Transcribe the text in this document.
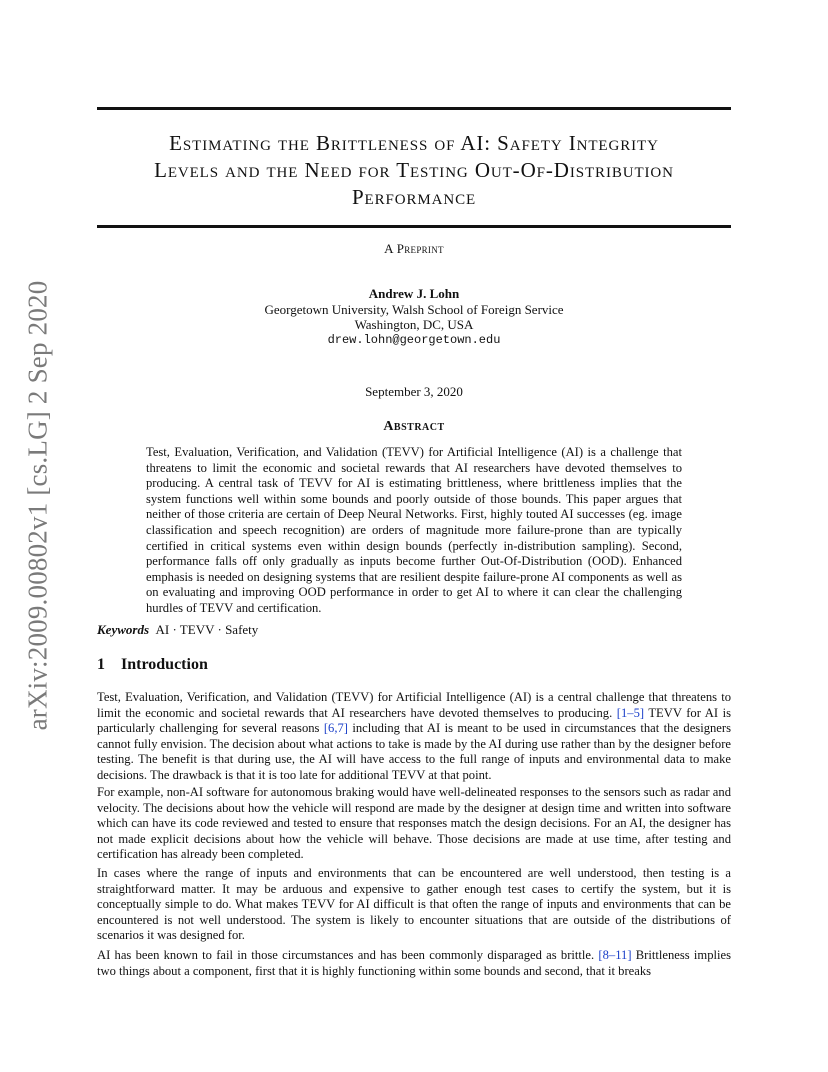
arXiv:2009.00802v1 [cs.LG] 2 Sep 2020
Estimating the Brittleness of AI: Safety Integrity
Levels and the Need for Testing Out-Of-Distribution
Performance
A Preprint
Andrew J. Lohn
Georgetown University, Walsh School of Foreign Service
Washington, DC, USA
drew.lohn@georgetown.edu
September 3, 2020
Abstract
Test, Evaluation, Verification, and Validation (TEVV) for Artificial Intelligence (AI) is a challenge that threatens to limit the economic and societal rewards that AI researchers have devoted themselves to producing. A central task of TEVV for AI is estimating brittleness, where brittleness implies that the system functions well within some bounds and poorly outside of those bounds. This paper argues that neither of those criteria are certain of Deep Neural Networks. First, highly touted AI successes (eg. image classification and speech recognition) are orders of magnitude more failure-prone than are typically certified in critical systems even within design bounds (perfectly in-distribution sampling). Second, performance falls off only gradually as inputs become further Out-Of-Distribution (OOD). Enhanced emphasis is needed on designing systems that are resilient despite failure-prone AI components as well as on evaluating and improving OOD performance in order to get AI to where it can clear the challenging hurdles of TEVV and certification.
Keywords AI · TEVV · Safety
1 Introduction

Test, Evaluation, Verification, and Validation (TEVV) for Artificial Intelligence (AI) is a central challenge that threatens to limit the economic and societal rewards that AI researchers have devoted themselves to producing. [ 1–5 ] TEVV for AI is particularly challenging for several reasons [ 6,7 ] including that AI is meant to be used in circumstances that the designers cannot fully envision. The decision about what actions to take is made by the AI during use rather than by the designer before testing. The benefit is that during use, the AI will have access to the full range of inputs and environmental data to make decisions. The drawback is that it is too late for additional TEVV at that point.

For example, non-AI software for autonomous braking would have well-delineated responses to the sensors such as radar and velocity. The decisions about how the vehicle will respond are made by the designer at design time and written into software which can have its code reviewed and tested to ensure that responses match the design decisions. For an AI, the designer has not made explicit decisions about how the vehicle will behave. Those decisions are made at use time, after testing and certification has already been completed.

In cases where the range of inputs and environments that can be encountered are well understood, then testing is a straightforward matter. It may be arduous and expensive to gather enough test cases to certify the system, but it is conceptually simple to do. What makes TEVV for AI difficult is that often the range of inputs and environments that can be encountered is not well understood. The system is likely to encounter situations that are outside of the distributions of scenarios it was designed for.

AI has been known to fail in those circumstances and has been commonly disparaged as brittle. [ 8–11 ] Brittleness implies two things about a component, first that it is highly functioning within some bounds and second, that it breaks
